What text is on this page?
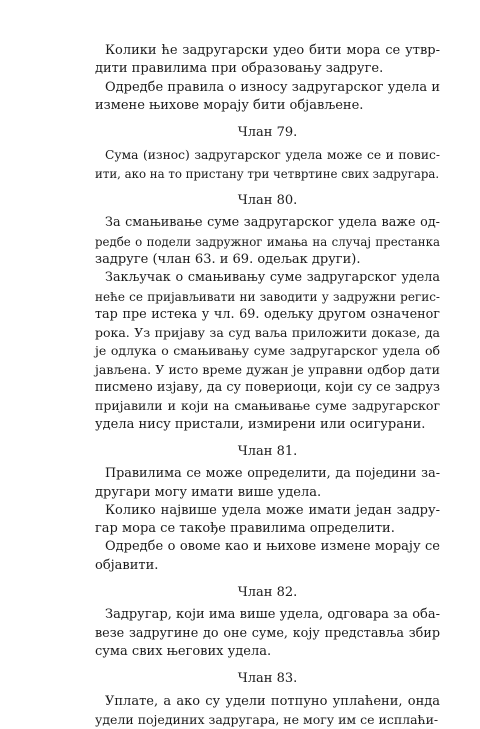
Колики ће задругарски удео бити мора се утвр-
дити правилима при образовању задруге.
Одредбе правила о износу задругарског удела и
измене њихове морају бити објављене.
Члан 79.
Сума (износ) задругарског удела може се и повис-
ити, ако на то пристану три четвртине свих задругара.
Члан 80.
За смањивање суме задругарског удела важе од-
редбе о подели задружног имања на случај престанка
задруге (члан 63. и 69. одељак други).
Закључак о смањивању суме задругарског удела
неће се пријављивати ни заводити у задружни регис-
тар пре истека у чл. 69. одељку другом означеног
рока. Уз пријаву за суд ваља приложити доказе, да
је одлука о смањивању суме задругарског удела об
јављена. У исто време дужан је управни одбор дати
писмено изјаву, да су повериоци, који су се задруз
пријавили и који на смањивање суме задругарског
удела нису пристали, измирени или осигурани.
Члан 81.
Правилима се може определити, да поједини за-
другари могу имати више удела.
Колико највише удела може имати један задру-
гар мора се такође правилима определити.
Одредбе о овоме као и њихове измене морају се
објавити.
Члан 82.
Задругар, који има више удела, одговара за оба-
везе задругине до оне суме, коју представља збир
сума свих његових удела.
Члан 83.
Уплате, а ако су удели потпуно уплаћени, онда
удели појединих задругара, не могу им се исплаћи-
